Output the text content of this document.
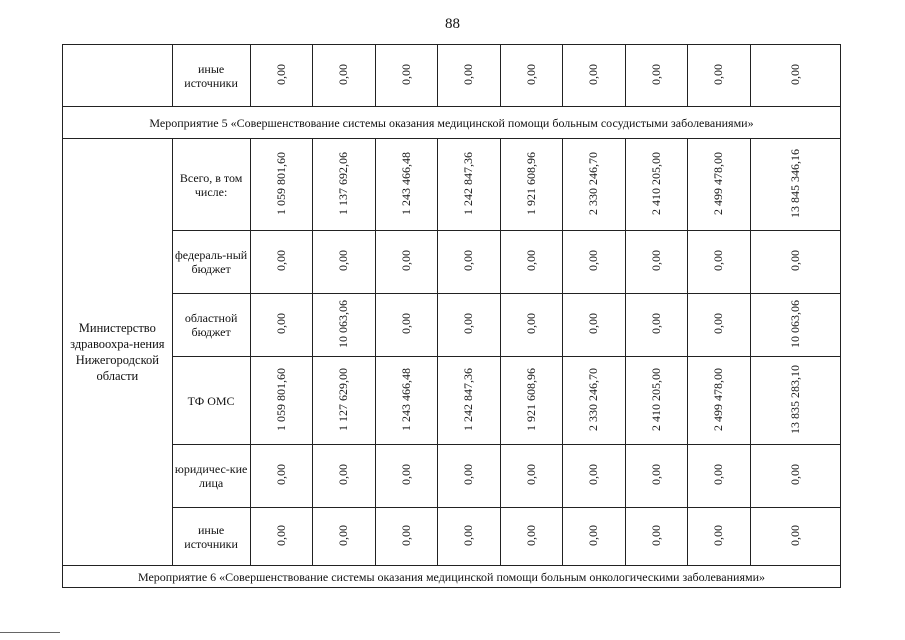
88
	иные источники	0,00	0,00	0,00	0,00	0,00	0,00	0,00	0,00	0,00
Мероприятие 5 «Совершенствование системы оказания медицинской помощи больным сосудистыми заболеваниями»										
Министерство здравоохра-нения Нижегородской области	Всего, в том числе:	1 059 801,60	1 137 692,06	1 243 466,48	1 242 847,36	1 921 608,96	2 330 246,70	2 410 205,00	2 499 478,00	13 845 346,16
	федераль-ный бюджет	0,00	0,00	0,00	0,00	0,00	0,00	0,00	0,00	0,00
	областной бюджет	0,00	10 063,06	0,00	0,00	0,00	0,00	0,00	0,00	10 063,06
	ТФ ОМС	1 059 801,60	1 127 629,00	1 243 466,48	1 242 847,36	1 921 608,96	2 330 246,70	2 410 205,00	2 499 478,00	13 835 283,10
	юридичес-кие лица	0,00	0,00	0,00	0,00	0,00	0,00	0,00	0,00	0,00
	иные источники	0,00	0,00	0,00	0,00	0,00	0,00	0,00	0,00	0,00
Мероприятие 6 «Совершенствование системы оказания медицинской помощи больным онкологическими заболеваниями»										
